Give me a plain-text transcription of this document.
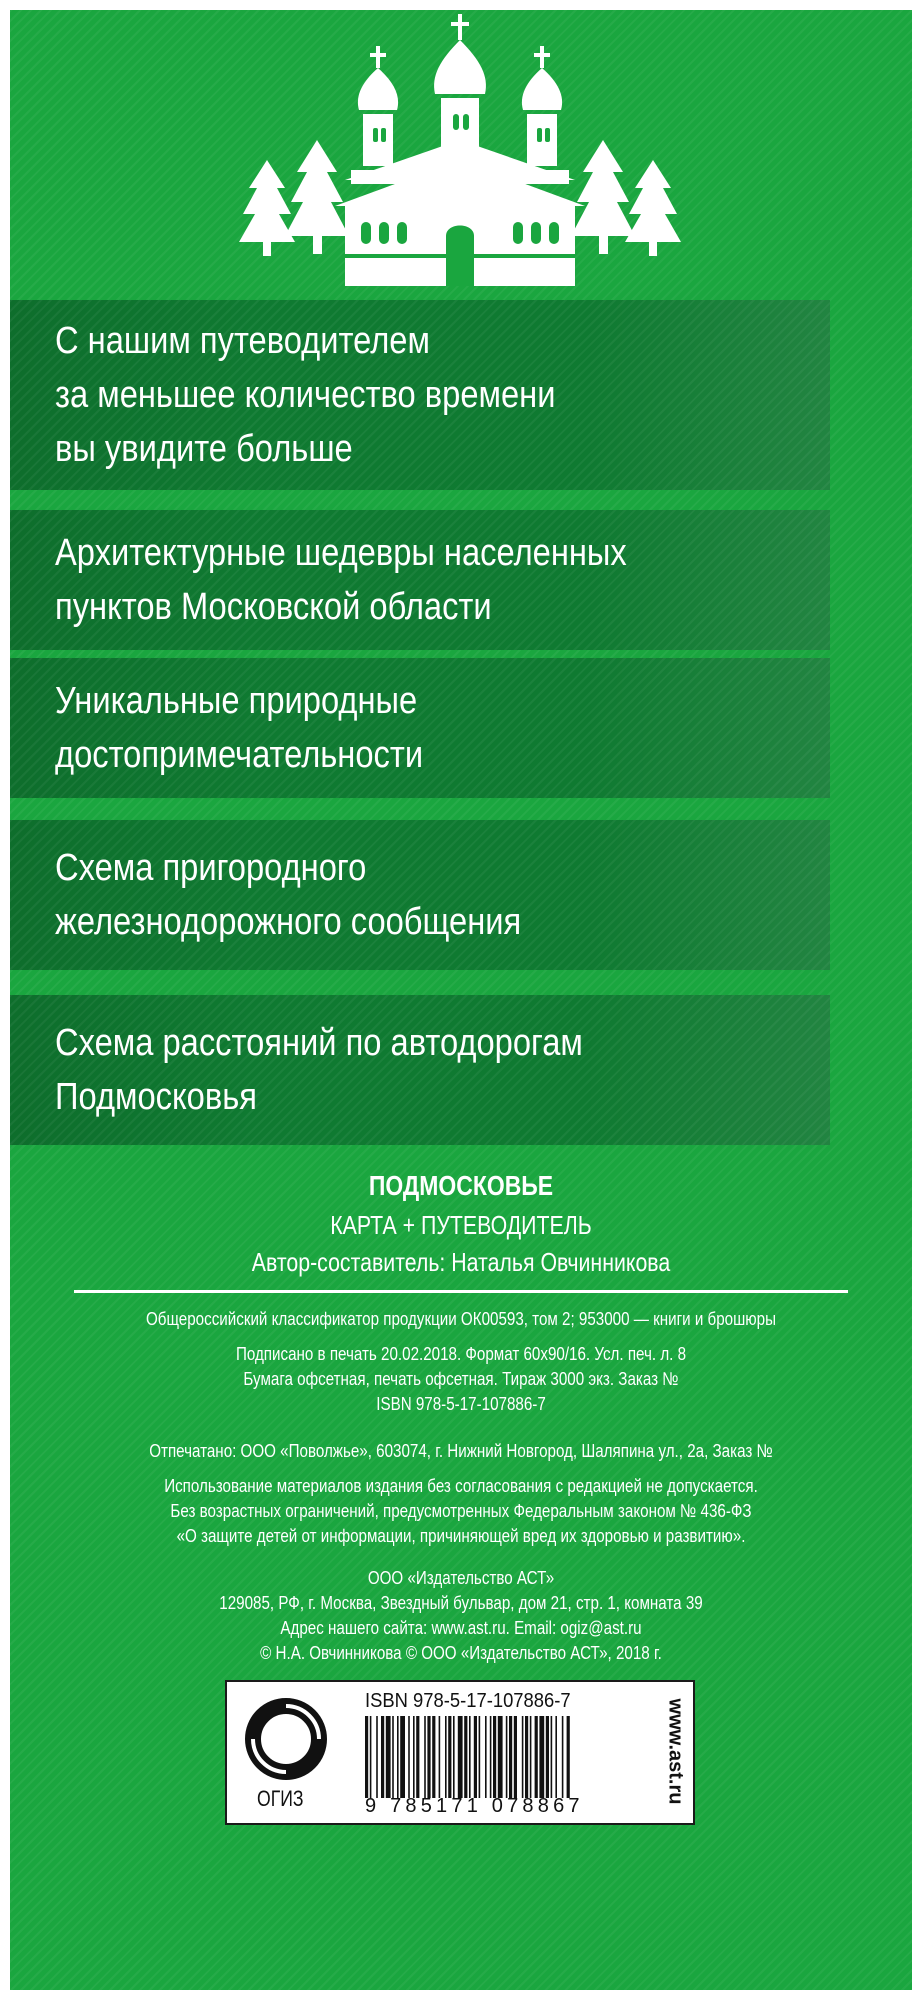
С нашим путеводителем
за меньшее количество времени
вы увидите больше
Архитектурные шедевры населенных
пунктов Московской области
Уникальные природные
достопримечательности
Схема пригородного
железнодорожного сообщения
Схема расстояний по автодорогам
Подмосковья
ПОДМОСКОВЬЕ
КАРТА + ПУТЕВОДИТЕЛЬ
Автор-составитель: Наталья Овчинникова
Общероссийский классификатор продукции ОК00593, том 2; 953000 — книги и брошюры
Подписано в печать 20.02.2018. Формат 60х90/16. Усл. печ. л. 8
Бумага офсетная, печать офсетная. Тираж 3000 экз. Заказ №
ISBN 978-5-17-107886-7
Отпечатано: ООО «Поволжье», 603074, г. Нижний Новгород, Шаляпина ул., 2а, Заказ №
Использование материалов издания без согласования с редакцией не допускается.
Без возрастных ограничений, предусмотренных Федеральным законом № 436-ФЗ
«О защите детей от информации, причиняющей вред их здоровью и развитию».
ООО «Издательство АСТ»
129085, РФ, г. Москва, Звездный бульвар, дом 21, стр. 1, комната 39
Адрес нашего сайта: www.ast.ru. Email: ogiz@ast.ru
© Н.А. Овчинникова © ООО «Издательство АСТ», 2018 г.
ОГИЗ
ISBN 978-5-17-107886-7
9 785171 078867
www.ast.ru
